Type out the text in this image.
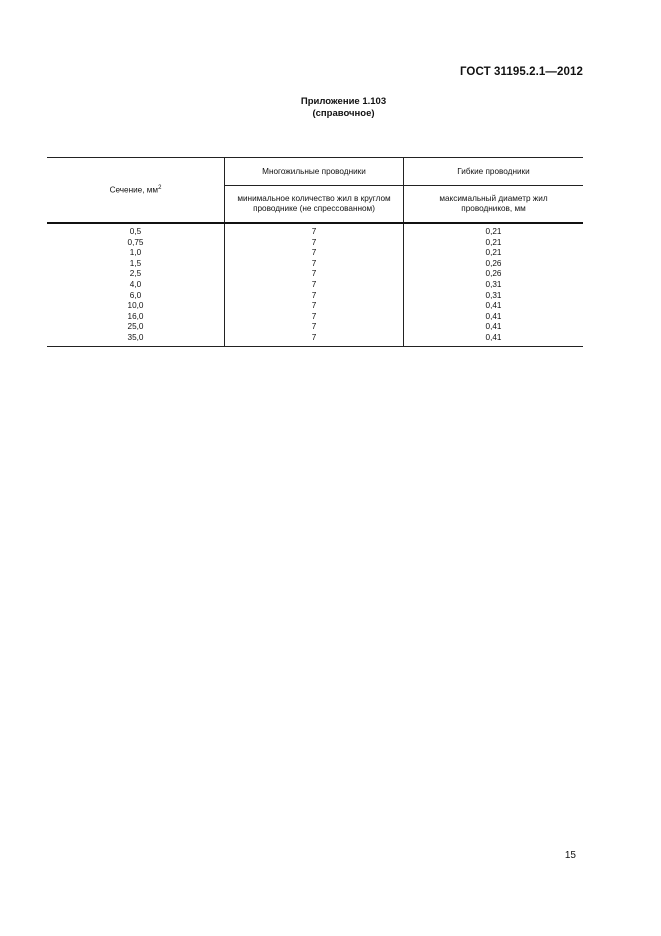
ГОСТ 31195.2.1—2012
Приложение 1.103
(справочное)
Сечение, $мм^2$	Многожильные проводники	Гибкие проводники

	минимальное количество жил в круглом проводнике (не спрессованном)	максимальный диаметр жил проводников, мм

0,5	7	0,21
0,75	7	0,21
1,0	7	0,21
1,5	7	0,26
2,5	7	0,26
4,0	7	0,31
6,0	7	0,31
10,0	7	0,41
16,0	7	0,41
25,0	7	0,41
35,0	7	0,41
15
